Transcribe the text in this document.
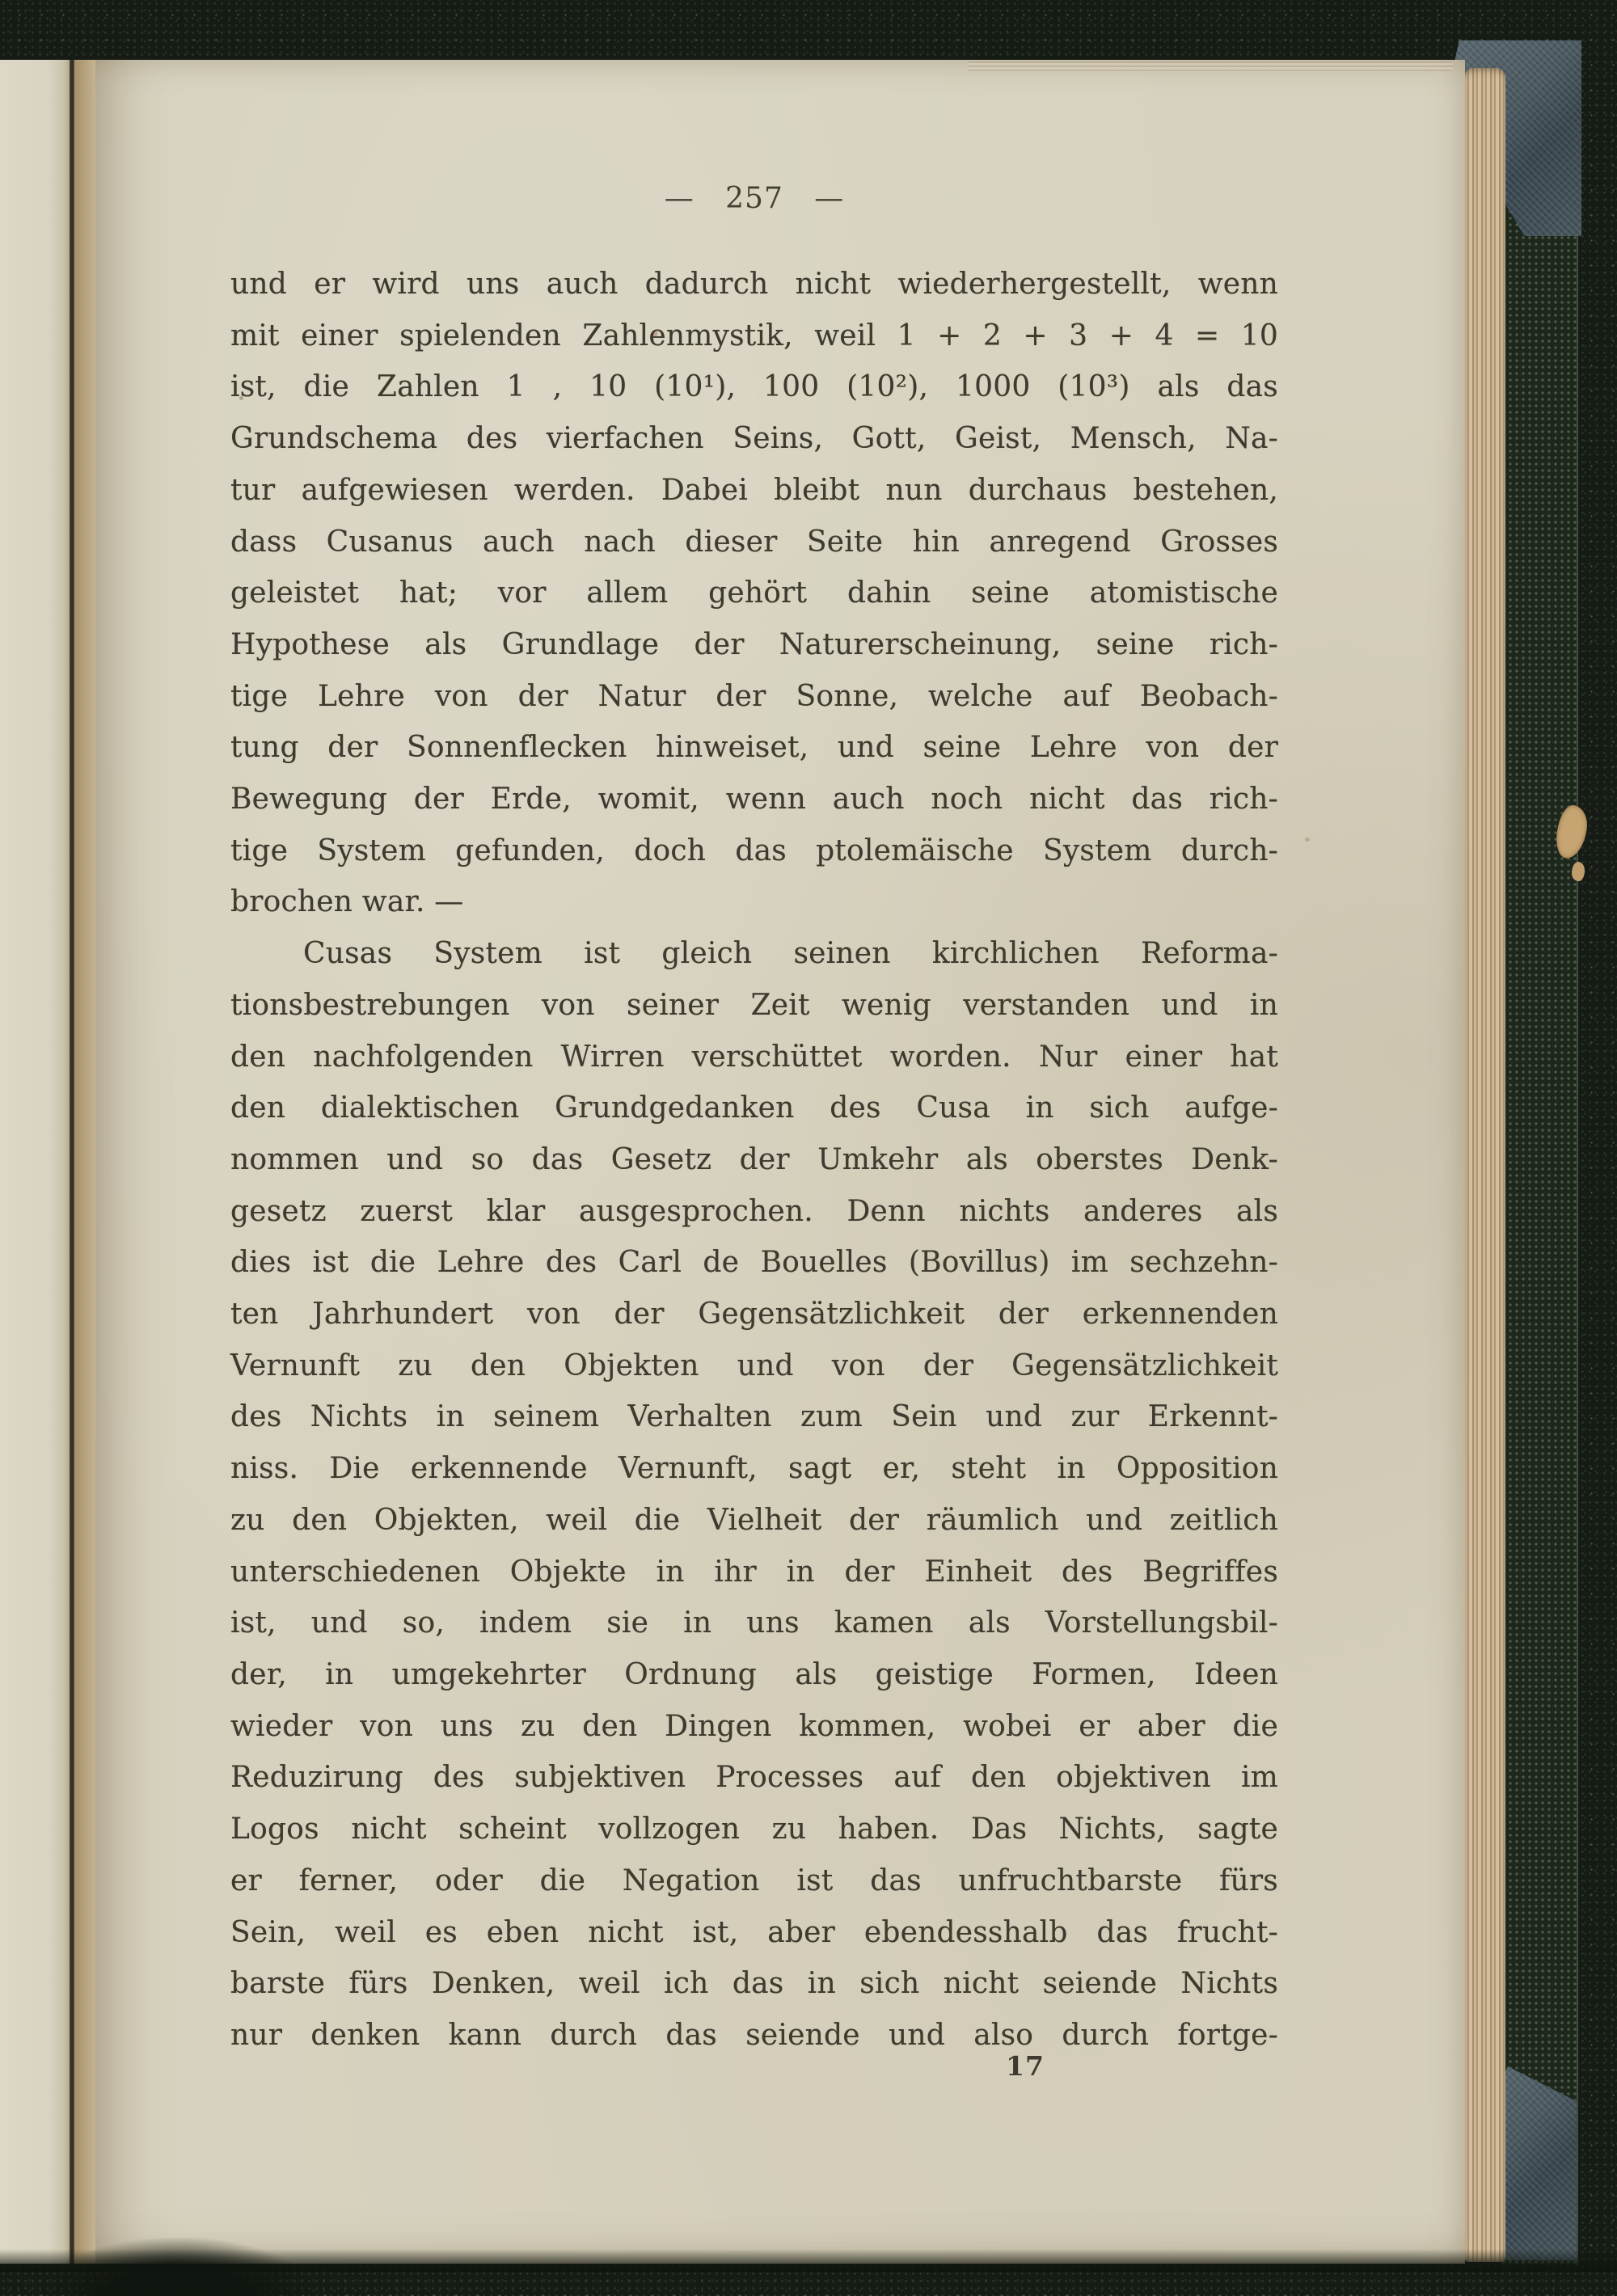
— 257 —
und er wird uns auch dadurch nicht wiederhergestellt, wenn
mit einer spielenden Zahlenmystik, weil 1 + 2 + 3 + 4 = 10
ist, die Zahlen 1 , 10 (10¹), 100 (10²), 1000 (10³) als das
Grundschema des vierfachen Seins, Gott, Geist, Mensch, Na-
tur aufgewiesen werden. Dabei bleibt nun durchaus bestehen,
dass Cusanus auch nach dieser Seite hin anregend Grosses
geleistet hat; vor allem gehört dahin seine atomistische
Hypothese als Grundlage der Naturerscheinung, seine rich-
tige Lehre von der Natur der Sonne, welche auf Beobach-
tung der Sonnenflecken hinweiset, und seine Lehre von der
Bewegung der Erde, womit, wenn auch noch nicht das rich-
tige System gefunden, doch das ptolemäische System durch-
brochen war. —
Cusas System ist gleich seinen kirchlichen Reforma-
tionsbestrebungen von seiner Zeit wenig verstanden und in
den nachfolgenden Wirren verschüttet worden. Nur einer hat
den dialektischen Grundgedanken des Cusa in sich aufge-
nommen und so das Gesetz der Umkehr als oberstes Denk-
gesetz zuerst klar ausgesprochen. Denn nichts anderes als
dies ist die Lehre des Carl de Bouelles (Bovillus) im sechzehn-
ten Jahrhundert von der Gegensätzlichkeit der erkennenden
Vernunft zu den Objekten und von der Gegensätzlichkeit
des Nichts in seinem Verhalten zum Sein und zur Erkennt-
niss. Die erkennende Vernunft, sagt er, steht in Opposition
zu den Objekten, weil die Vielheit der räumlich und zeitlich
unterschiedenen Objekte in ihr in der Einheit des Begriffes
ist, und so, indem sie in uns kamen als Vorstellungsbil-
der, in umgekehrter Ordnung als geistige Formen, Ideen
wieder von uns zu den Dingen kommen, wobei er aber die
Reduzirung des subjektiven Processes auf den objektiven im
Logos nicht scheint vollzogen zu haben. Das Nichts, sagte
er ferner, oder die Negation ist das unfruchtbarste fürs
Sein, weil es eben nicht ist, aber ebendesshalb das frucht-
barste fürs Denken, weil ich das in sich nicht seiende Nichts
nur denken kann durch das seiende und also durch fortge-
17
